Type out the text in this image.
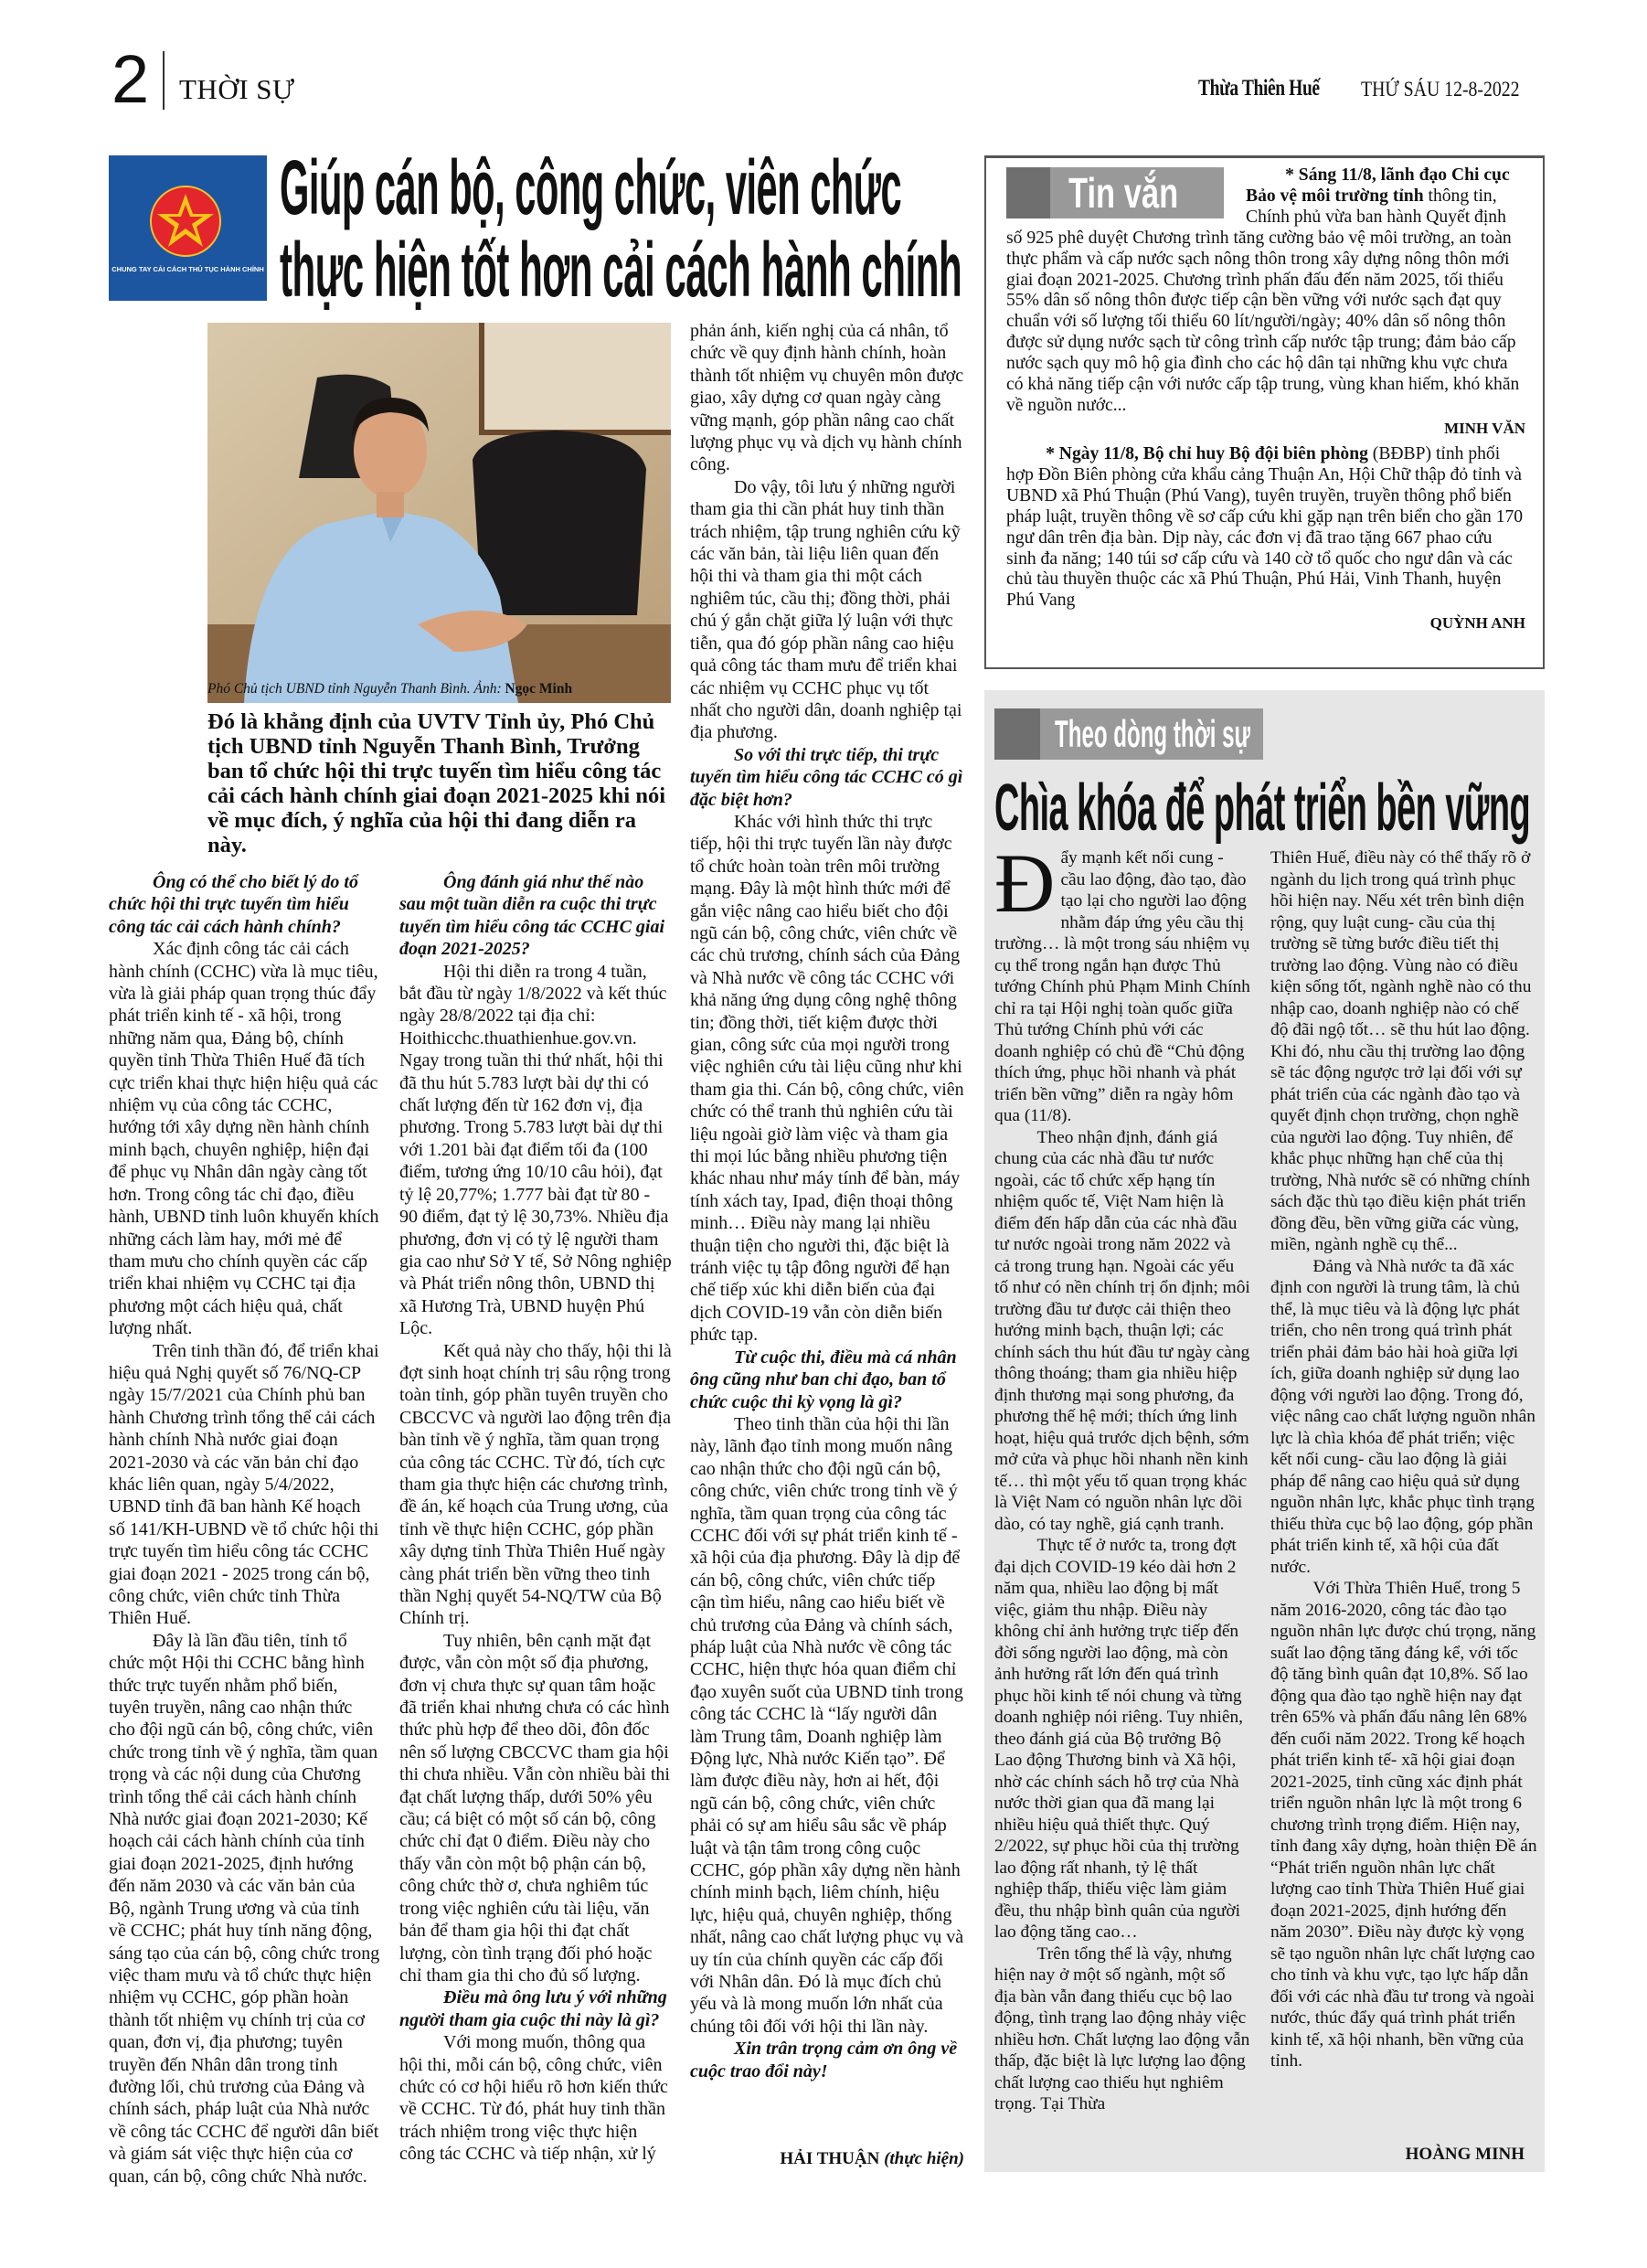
2 THỜI SỰ	Thừa Thiên Huế THỨ SÁU 12-8-2022
CHUNG TAY CẢI CÁCH THỦ TỤC HÀNH CHÍNH
Giúp cán bộ, công chức, viên chức
thực hiện tốt hơn cải cách hành chính
Phó Chủ tịch UBND tỉnh Nguyễn Thanh Bình. Ảnh: Ngọc Minh
Đó là khẳng định của UVTV Tỉnh ủy, Phó Chủ tịch UBND tỉnh Nguyễn Thanh Bình, Trưởng ban tổ chức hội thi trực tuyến tìm hiểu công tác cải cách hành chính giai đoạn 2021-2025 khi nói về mục đích, ý nghĩa của hội thi đang diễn ra này.

Ông có thể cho biết lý do tổ chức hội thi trực tuyến tìm hiểu công tác cải cách hành chính?

Xác định công tác cải cách hành chính (CCHC) vừa là mục tiêu, vừa là giải pháp quan trọng thúc đẩy phát triển kinh tế - xã hội, trong những năm qua, Đảng bộ, chính quyền tỉnh Thừa Thiên Huế đã tích cực triển khai thực hiện hiệu quả các nhiệm vụ của công tác CCHC, hướng tới xây dựng nền hành chính minh bạch, chuyên nghiệp, hiện đại để phục vụ Nhân dân ngày càng tốt hơn. Trong công tác chỉ đạo, điều hành, UBND tỉnh luôn khuyến khích những cách làm hay, mới mẻ để tham mưu cho chính quyền các cấp triển khai nhiệm vụ CCHC tại địa phương một cách hiệu quả, chất lượng nhất.

Trên tinh thần đó, để triển khai hiệu quả Nghị quyết số 76/NQ-CP ngày 15/7/2021 của Chính phủ ban hành Chương trình tổng thể cải cách hành chính Nhà nước giai đoạn 2021-2030 và các văn bản chỉ đạo khác liên quan, ngày 5/4/2022, UBND tỉnh đã ban hành Kế hoạch số 141/KH-UBND về tổ chức hội thi trực tuyến tìm hiểu công tác CCHC giai đoạn 2021 - 2025 trong cán bộ, công chức, viên chức tỉnh Thừa Thiên Huế.

Đây là lần đầu tiên, tỉnh tổ chức một Hội thi CCHC bằng hình thức trực tuyến nhằm phổ biến, tuyên truyền, nâng cao nhận thức cho đội ngũ cán bộ, công chức, viên chức trong tỉnh về ý nghĩa, tầm quan trọng và các nội dung của Chương trình tổng thể cải cách hành chính Nhà nước giai đoạn 2021-2030; Kế hoạch cải cách hành chính của tỉnh giai đoạn 2021-2025, định hướng đến năm 2030 và các văn bản của Bộ, ngành Trung ương và của tỉnh về CCHC; phát huy tính năng động, sáng tạo của cán bộ, công chức trong việc tham mưu và tổ chức thực hiện nhiệm vụ CCHC, góp phần hoàn thành tốt nhiệm vụ chính trị của cơ quan, đơn vị, địa phương; tuyên truyền đến Nhân dân trong tỉnh đường lối, chủ trương của Đảng và chính sách, pháp luật của Nhà nước về công tác CCHC để người dân biết và giám sát việc thực hiện của cơ quan, cán bộ, công chức Nhà nước.

Ông đánh giá như thế nào sau một tuần diễn ra cuộc thi trực tuyến tìm hiểu công tác CCHC giai đoạn 2021-2025?

Hội thi diễn ra trong 4 tuần, bắt đầu từ ngày 1/8/2022 và kết thúc ngày 28/8/2022 tại địa chỉ: Hoithicchc.thuathienhue.gov.vn. Ngay trong tuần thi thứ nhất, hội thi đã thu hút 5.783 lượt bài dự thi có chất lượng đến từ 162 đơn vị, địa phương. Trong 5.783 lượt bài dự thi với 1.201 bài đạt điểm tối đa (100 điểm, tương ứng 10/10 câu hỏi), đạt tỷ lệ 20,77%; 1.777 bài đạt từ 80 - 90 điểm, đạt tỷ lệ 30,73%. Nhiều địa phương, đơn vị có tỷ lệ người tham gia cao như Sở Y tế, Sở Nông nghiệp và Phát triển nông thôn, UBND thị xã Hương Trà, UBND huyện Phú Lộc.

Kết quả này cho thấy, hội thi là đợt sinh hoạt chính trị sâu rộng trong toàn tỉnh, góp phần tuyên truyền cho CBCCVC và người lao động trên địa bàn tỉnh về ý nghĩa, tầm quan trọng của công tác CCHC. Từ đó, tích cực tham gia thực hiện các chương trình, đề án, kế hoạch của Trung ương, của tỉnh về thực hiện CCHC, góp phần xây dựng tỉnh Thừa Thiên Huế ngày càng phát triển bền vững theo tinh thần Nghị quyết 54-NQ/TW của Bộ Chính trị.

Tuy nhiên, bên cạnh mặt đạt được, vẫn còn một số địa phương, đơn vị chưa thực sự quan tâm hoặc đã triển khai nhưng chưa có các hình thức phù hợp để theo dõi, đôn đốc nên số lượng CBCCVC tham gia hội thi chưa nhiều. Vẫn còn nhiều bài thi đạt chất lượng thấp, dưới 50% yêu cầu; cá biệt có một số cán bộ, công chức chỉ đạt 0 điểm. Điều này cho thấy vẫn còn một bộ phận cán bộ, công chức thờ ơ, chưa nghiêm túc trong việc nghiên cứu tài liệu, văn bản để tham gia hội thi đạt chất lượng, còn tình trạng đối phó hoặc chỉ tham gia thi cho đủ số lượng.

Điều mà ông lưu ý với những người tham gia cuộc thi này là gì?

Với mong muốn, thông qua hội thi, mỗi cán bộ, công chức, viên chức có cơ hội hiểu rõ hơn kiến thức về CCHC. Từ đó, phát huy tinh thần trách nhiệm trong việc thực hiện công tác CCHC và tiếp nhận, xử lý

phản ánh, kiến nghị của cá nhân, tổ chức về quy định hành chính, hoàn thành tốt nhiệm vụ chuyên môn được giao, xây dựng cơ quan ngày càng vững mạnh, góp phần nâng cao chất lượng phục vụ và dịch vụ hành chính công.

Do vậy, tôi lưu ý những người tham gia thi cần phát huy tinh thần trách nhiệm, tập trung nghiên cứu kỹ các văn bản, tài liệu liên quan đến hội thi và tham gia thi một cách nghiêm túc, cầu thị; đồng thời, phải chú ý gắn chặt giữa lý luận với thực tiễn, qua đó góp phần nâng cao hiệu quả công tác tham mưu để triển khai các nhiệm vụ CCHC phục vụ tốt nhất cho người dân, doanh nghiệp tại địa phương.

So với thi trực tiếp, thi trực tuyến tìm hiểu công tác CCHC có gì đặc biệt hơn?

Khác với hình thức thi trực tiếp, hội thi trực tuyến lần này được tổ chức hoàn toàn trên môi trường mạng. Đây là một hình thức mới để gắn việc nâng cao hiểu biết cho đội ngũ cán bộ, công chức, viên chức về các chủ trương, chính sách của Đảng và Nhà nước về công tác CCHC với khả năng ứng dụng công nghệ thông tin; đồng thời, tiết kiệm được thời gian, công sức của mọi người trong việc nghiên cứu tài liệu cũng như khi tham gia thi. Cán bộ, công chức, viên chức có thể tranh thủ nghiên cứu tài liệu ngoài giờ làm việc và tham gia thi mọi lúc bằng nhiều phương tiện khác nhau như máy tính để bàn, máy tính xách tay, Ipad, điện thoại thông minh… Điều này mang lại nhiều thuận tiện cho người thi, đặc biệt là tránh việc tụ tập đông người để hạn chế tiếp xúc khi diễn biến của đại dịch COVID-19 vẫn còn diễn biến phức tạp.

Từ cuộc thi, điều mà cá nhân ông cũng như ban chỉ đạo, ban tổ chức cuộc thi kỳ vọng là gì?

Theo tinh thần của hội thi lần này, lãnh đạo tỉnh mong muốn nâng cao nhận thức cho đội ngũ cán bộ, công chức, viên chức trong tỉnh về ý nghĩa, tầm quan trọng của công tác CCHC đối với sự phát triển kinh tế - xã hội của địa phương. Đây là dịp để cán bộ, công chức, viên chức tiếp cận tìm hiểu, nâng cao hiểu biết về chủ trương của Đảng và chính sách, pháp luật của Nhà nước về công tác CCHC, hiện thực hóa quan điểm chỉ đạo xuyên suốt của UBND tỉnh trong công tác CCHC là “lấy người dân làm Trung tâm, Doanh nghiệp làm Động lực, Nhà nước Kiến tạo”. Để làm được điều này, hơn ai hết, đội ngũ cán bộ, công chức, viên chức phải có sự am hiểu sâu sắc về pháp luật và tận tâm trong công cuộc CCHC, góp phần xây dựng nền hành chính minh bạch, liêm chính, hiệu lực, hiệu quả, chuyên nghiệp, thống nhất, nâng cao chất lượng phục vụ và uy tín của chính quyền các cấp đối với Nhân dân. Đó là mục đích chủ yếu và là mong muốn lớn nhất của chúng tôi đối với hội thi lần này.

Xin trân trọng cảm ơn ông về cuộc trao đổi này!

HẢI THUẬN (thực hiện)
Tin vắn	* Sáng 11/8, lãnh đạo Chi cục Bảo vệ môi trường tỉnh thông tin, Chính phủ vừa ban hành Quyết định số 925 phê duyệt Chương trình tăng cường bảo vệ môi trường, an toàn thực phẩm và cấp nước sạch nông thôn trong xây dựng nông thôn mới giai đoạn 2021-2025. Chương trình phấn đấu đến năm 2025, tối thiểu 55% dân số nông thôn được tiếp cận bền vững với nước sạch đạt quy chuẩn với số lượng tối thiểu 60 lít/người/ngày; 40% dân số nông thôn được sử dụng nước sạch từ công trình cấp nước tập trung; đảm bảo cấp nước sạch quy mô hộ gia đình cho các hộ dân tại những khu vực chưa có khả năng tiếp cận với nước cấp tập trung, vùng khan hiếm, khó khăn về nguồn nước...

MINH VĂN

* Ngày 11/8, Bộ chỉ huy Bộ đội biên phòng (BĐBP) tỉnh phối hợp Đồn Biên phòng cửa khẩu cảng Thuận An, Hội Chữ thập đỏ tỉnh và UBND xã Phú Thuận (Phú Vang), tuyên truyền, truyền thông phổ biến pháp luật, truyền thông về sơ cấp cứu khi gặp nạn trên biển cho gần 170 ngư dân trên địa bàn. Dịp này, các đơn vị đã trao tặng 667 phao cứu sinh đa năng; 140 túi sơ cấp cứu và 140 cờ tổ quốc cho ngư dân và các chủ tàu thuyền thuộc các xã Phú Thuận, Phú Hải, Vinh Thanh, huyện Phú Vang

QUỲNH ANH

Theo dòng thời sự
Chìa khóa để phát triển bền vững

Đẩy mạnh kết nối cung - cầu lao động, đào tạo, đào tạo lại cho người lao động nhằm đáp ứng yêu cầu thị trường… là một trong sáu nhiệm vụ cụ thể trong ngắn hạn được Thủ tướng Chính phủ Phạm Minh Chính chỉ ra tại Hội nghị toàn quốc giữa Thủ tướng Chính phủ với các doanh nghiệp có chủ đề “Chủ động thích ứng, phục hồi nhanh và phát triển bền vững” diễn ra ngày hôm qua (11/8).

Theo nhận định, đánh giá chung của các nhà đầu tư nước ngoài, các tổ chức xếp hạng tín nhiệm quốc tế, Việt Nam hiện là điểm đến hấp dẫn của các nhà đầu tư nước ngoài trong năm 2022 và cả trong trung hạn. Ngoài các yếu tố như có nền chính trị ổn định; môi trường đầu tư được cải thiện theo hướng minh bạch, thuận lợi; các chính sách thu hút đầu tư ngày càng thông thoáng; tham gia nhiều hiệp định thương mại song phương, đa phương thế hệ mới; thích ứng linh hoạt, hiệu quả trước dịch bệnh, sớm mở cửa và phục hồi nhanh nền kinh tế… thì một yếu tố quan trọng khác là Việt Nam có nguồn nhân lực dồi dào, có tay nghề, giá cạnh tranh.

Thực tế ở nước ta, trong đợt đại dịch COVID-19 kéo dài hơn 2 năm qua, nhiều lao động bị mất việc, giảm thu nhập. Điều này không chỉ ảnh hưởng trực tiếp đến đời sống người lao động, mà còn ảnh hưởng rất lớn đến quá trình phục hồi kinh tế nói chung và từng doanh nghiệp nói riêng. Tuy nhiên, theo đánh giá của Bộ trưởng Bộ Lao động Thương binh và Xã hội, nhờ các chính sách hỗ trợ của Nhà nước thời gian qua đã mang lại nhiều hiệu quả thiết thực. Quý 2/2022, sự phục hồi của thị trường lao động rất nhanh, tỷ lệ thất nghiệp thấp, thiếu việc làm giảm đều, thu nhập bình quân của người lao động tăng cao…

Trên tổng thể là vậy, nhưng hiện nay ở một số ngành, một số địa bàn vẫn đang thiếu cục bộ lao động, tình trạng lao động nhảy việc nhiều hơn. Chất lượng lao động vẫn thấp, đặc biệt là lực lượng lao động chất lượng cao thiếu hụt nghiêm trọng. Tại Thừa

Thiên Huế, điều này có thể thấy rõ ở ngành du lịch trong quá trình phục hồi hiện nay. Nếu xét trên bình diện rộng, quy luật cung- cầu của thị trường sẽ từng bước điều tiết thị trường lao động. Vùng nào có điều kiện sống tốt, ngành nghề nào có thu nhập cao, doanh nghiệp nào có chế độ đãi ngộ tốt… sẽ thu hút lao động. Khi đó, nhu cầu thị trường lao động sẽ tác động ngược trở lại đối với sự phát triển của các ngành đào tạo và quyết định chọn trường, chọn nghề của người lao động. Tuy nhiên, để khắc phục những hạn chế của thị trường, Nhà nước sẽ có những chính sách đặc thù tạo điều kiện phát triển đồng đều, bền vững giữa các vùng, miền, ngành nghề cụ thể...

Đảng và Nhà nước ta đã xác định con người là trung tâm, là chủ thể, là mục tiêu và là động lực phát triển, cho nên trong quá trình phát triển phải đảm bảo hài hoà giữa lợi ích, giữa doanh nghiệp sử dụng lao động với người lao động. Trong đó, việc nâng cao chất lượng nguồn nhân lực là chìa khóa để phát triển; việc kết nối cung- cầu lao động là giải pháp để nâng cao hiệu quả sử dụng nguồn nhân lực, khắc phục tình trạng thiếu thừa cục bộ lao động, góp phần phát triển kinh tế, xã hội của đất nước.

Với Thừa Thiên Huế, trong 5 năm 2016-2020, công tác đào tạo nguồn nhân lực được chú trọng, năng suất lao động tăng đáng kể, với tốc độ tăng bình quân đạt 10,8%. Số lao động qua đào tạo nghề hiện nay đạt trên 65% và phấn đấu nâng lên 68% đến cuối năm 2022. Trong kế hoạch phát triển kinh tế- xã hội giai đoạn 2021-2025, tỉnh cũng xác định phát triển nguồn nhân lực là một trong 6 chương trình trọng điểm. Hiện nay, tỉnh đang xây dựng, hoàn thiện Đề án “Phát triển nguồn nhân lực chất lượng cao tỉnh Thừa Thiên Huế giai đoạn 2021-2025, định hướng đến năm 2030”. Điều này được kỳ vọng sẽ tạo nguồn nhân lực chất lượng cao cho tỉnh và khu vực, tạo lực hấp dẫn đối với các nhà đầu tư trong và ngoài nước, thúc đẩy quá trình phát triển kinh tế, xã hội nhanh, bền vững của tỉnh.

HOÀNG MINH
